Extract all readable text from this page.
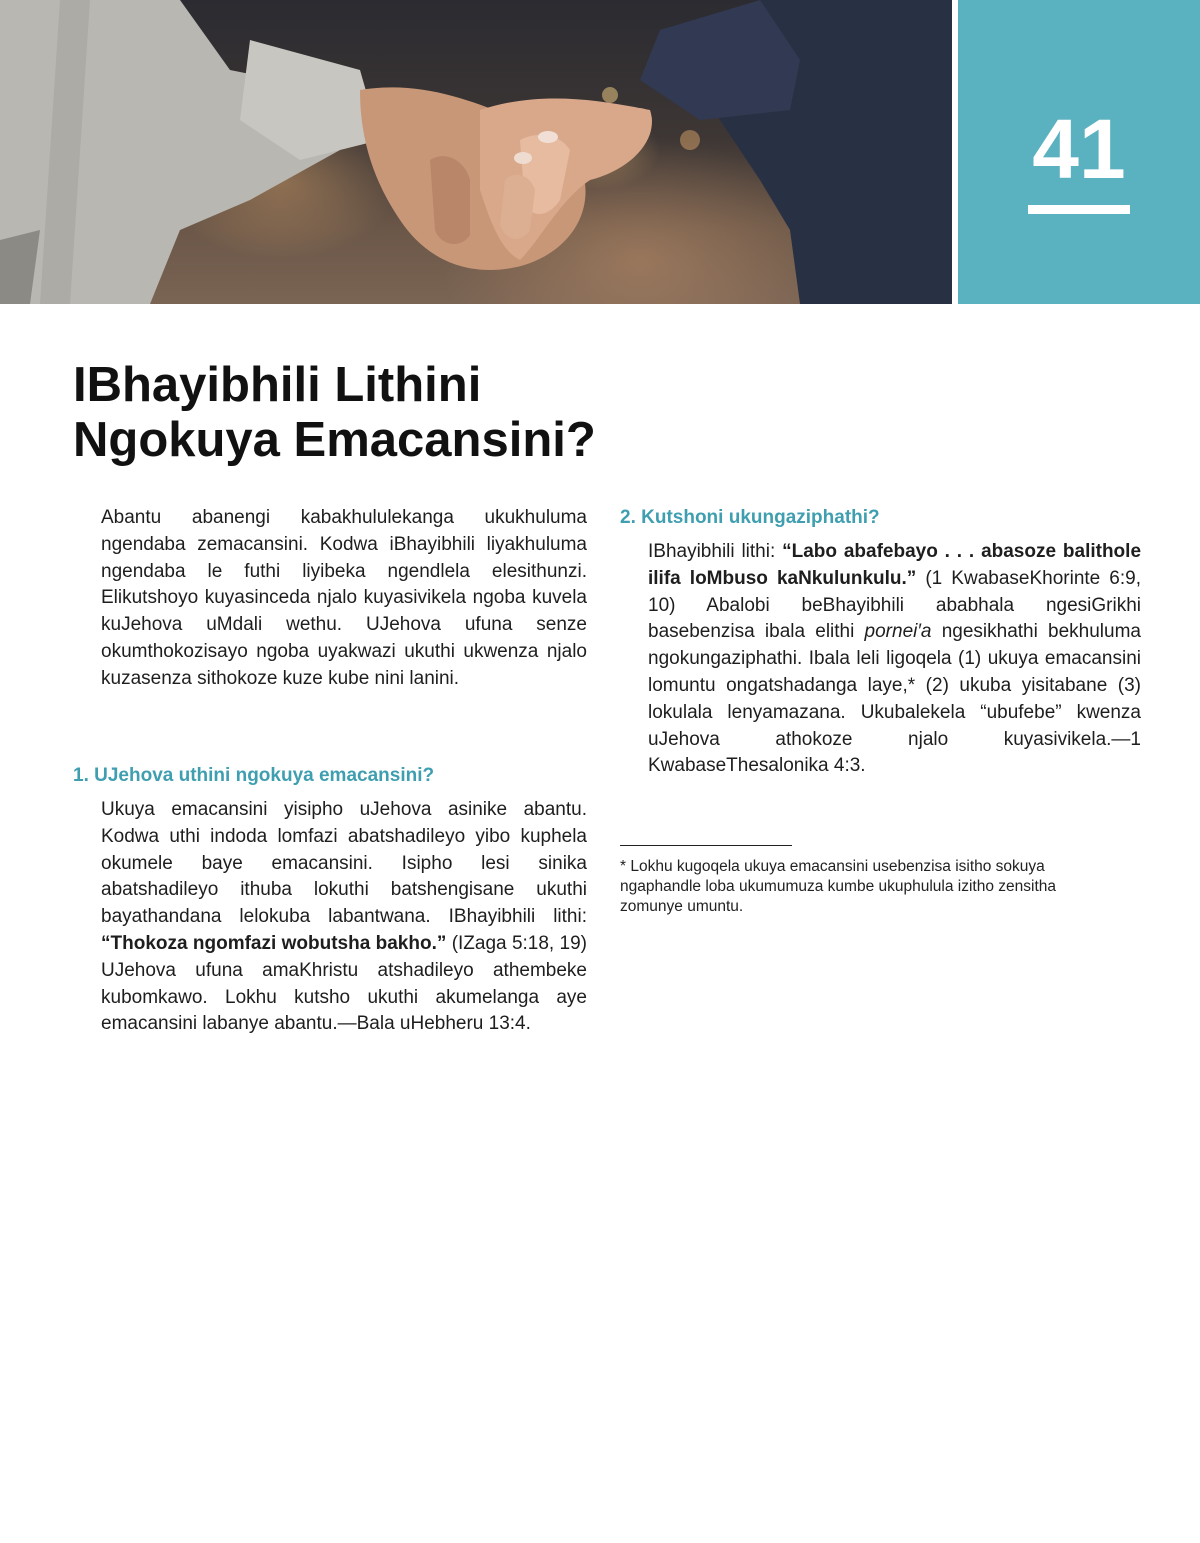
41
IBhayibhili Lithini
Ngokuya Emacansini?

Abantu abanengi kabakhululekanga ukukhuluma ngendaba zemacansini. Kodwa iBhayibhili liyakhuluma ngendaba le futhi liyibeka ngendlela elesithunzi. Elikutshoyo kuyasinceda njalo kuyasivikela ngoba kuvela kuJehova uMdali wethu. UJehova ufuna senze okumthokozisayo ngoba uyakwazi ukuthi ukwenza njalo kuzasenza sithokoze kuze kube nini lanini.

1. UJehova uthini ngokuya emacansini?

Ukuya emacansini yisipho uJehova asinike abantu. Kodwa uthi indoda lomfazi abatshadileyo yibo kuphela okumele baye emacansini. Isipho lesi sinika abatshadileyo ithuba lokuthi batshengisane ukuthi bayathandana lelokuba labantwana. IBhayibhili lithi: “Thokoza ngomfazi wobutsha bakho.” (IZaga 5:18, 19) UJehova ufuna amaKhristu atshadileyo athembeke kubomkawo. Lokhu kutsho ukuthi akumelanga aye emacansini labanye abantu.—Bala uHebheru 13:4.

2. Kutshoni ukungaziphathi?

IBhayibhili lithi: “Labo abafebayo . . . abasoze balithole ilifa loMbuso kaNkulunkulu.” (1 KwabaseKhorinte 6:9, 10) Abalobi beBhayibhili ababhala ngesiGrikhi basebenzisa ibala elithi pornei′a ngesikhathi bekhuluma ngokungaziphathi. Ibala leli ligoqela (1) ukuya emacansini lomuntu ongatshadanga laye,* (2) ukuba yisitabane (3) lokulala lenyamazana. Ukubalekela “ubufebe” kwenza uJehova athokoze njalo kuyasivikela.—1 KwabaseThesalonika 4:3.

* Lokhu kugoqela ukuya emacansini usebenzisa isitho sokuya ngaphandle loba ukumumuza kumbe ukuphulula izitho zensitha zomunye umuntu.
